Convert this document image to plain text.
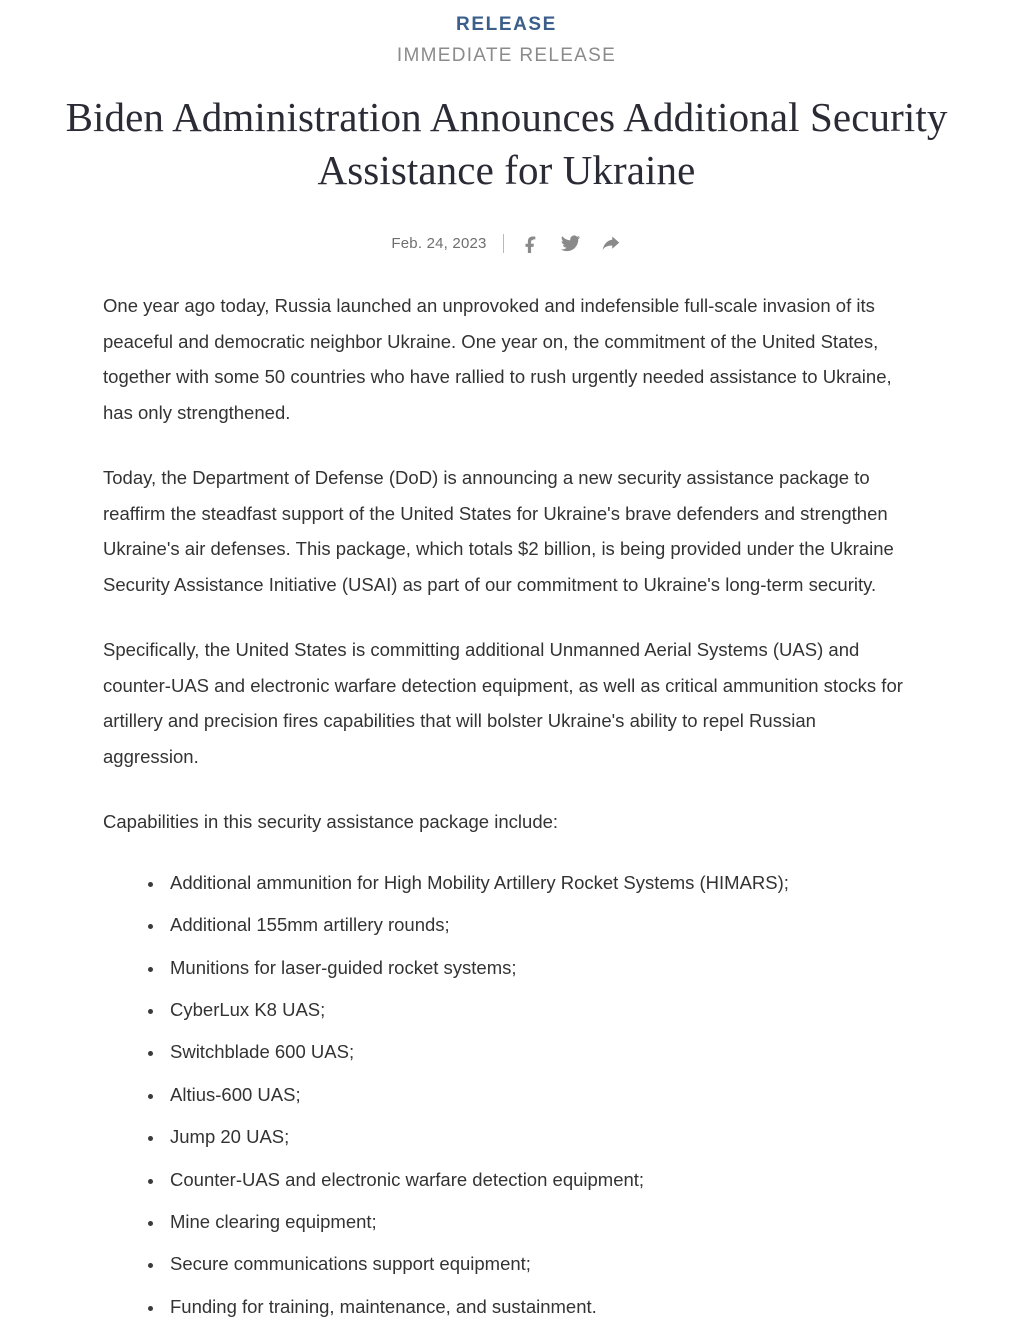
RELEASE
IMMEDIATE RELEASE
Biden Administration Announces Additional Security Assistance for Ukraine
Feb. 24, 2023

One year ago today, Russia launched an unprovoked and indefensible full-scale invasion of its peaceful and democratic neighbor Ukraine. One year on, the commitment of the United States, together with some 50 countries who have rallied to rush urgently needed assistance to Ukraine, has only strengthened.

Today, the Department of Defense (DoD) is announcing a new security assistance package to reaffirm the steadfast support of the United States for Ukraine's brave defenders and strengthen Ukraine's air defenses. This package, which totals $2 billion, is being provided under the Ukraine Security Assistance Initiative (USAI) as part of our commitment to Ukraine's long-term security.

Specifically, the United States is committing additional Unmanned Aerial Systems (UAS) and counter-UAS and electronic warfare detection equipment, as well as critical ammunition stocks for artillery and precision fires capabilities that will bolster Ukraine's ability to repel Russian aggression.

Capabilities in this security assistance package include:

Additional ammunition for High Mobility Artillery Rocket Systems (HIMARS);
Additional 155mm artillery rounds;
Munitions for laser-guided rocket systems;
CyberLux K8 UAS;
Switchblade 600 UAS;
Altius-600 UAS;
Jump 20 UAS;
Counter-UAS and electronic warfare detection equipment;
Mine clearing equipment;
Secure communications support equipment;
Funding for training, maintenance, and sustainment.
